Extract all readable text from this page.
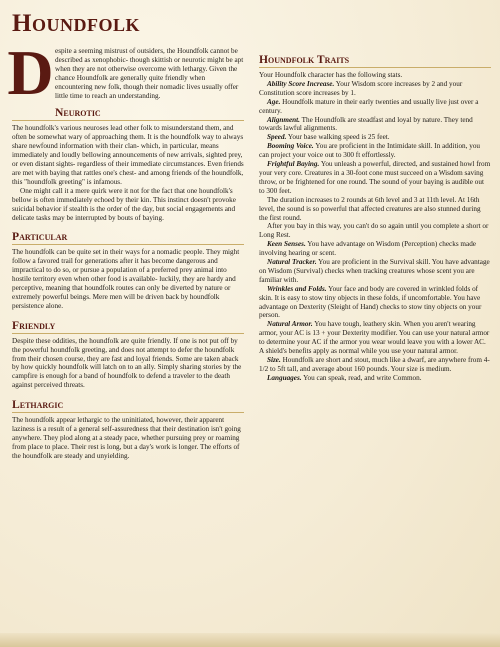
Houndfolk
D espite a seeming mistrust of outsiders, the Houndfolk cannot be described as xenophobic- though skittish or neurotic might be apt when they are not otherwise overcome with lethargy. Given the chance Houndfolk are generally quite friendly when encountering new folk, though their nomadic lives usually offer little time to reach an understanding.

Neurotic

The houndfolk's various neuroses lead other folk to misunderstand them, and often be somewhat wary of approaching them. It is the houndfolk way to always share newfound information with their clan- which, in particular, means immediately and loudly bellowing announcements of new arrivals, sighted prey, or even distant sights- regardless of their immediate circumstances. Even friends are met with baying that rattles one's chest- and among friends of the houndfolk, this "houndfolk greeting" is infamous.

One might call it a mere quirk were it not for the fact that one houndfolk's bellow is often immediately echoed by their kin. This instinct doesn't provoke suicidal behavior if stealth is the order of the day, but social engagements and delicate tasks may be interrupted by bouts of baying.

Particular

The houndfolk can be quite set in their ways for a nomadic people. They might follow a favored trail for generations after it has become dangerous and impractical to do so, or pursue a population of a preferred prey animal into hostile territory even when other food is available- luckily, they are hardy and perceptive, meaning that houndfolk routes can only be diverted by nature or extremely powerful beings. Mere men will be driven back by houndfolk persistence alone.

Friendly

Despite these oddities, the houndfolk are quite friendly. If one is not put off by the powerful houndfolk greeting, and does not attempt to defer the houndfolk from their chosen course, they are fast and loyal friends. Some are taken aback by how quickly houndfolk will latch on to an ally. Simply sharing stories by the campfire is enough for a band of houndfolk to defend a traveler to the death against perceived threats.

Lethargic

The houndfolk appear lethargic to the uninitiated, however, their apparent laziness is a result of a general self-assuredness that their destination isn't going anywhere. They plod along at a steady pace, whether pursuing prey or roaming from place to place. Their rest is long, but a day's work is longer. The efforts of the houndfolk are steady and unyielding.

Houndfolk Traits

Your Houndfolk character has the following stats.

Ability Score Increase. Your Wisdom score increases by 2 and your Constitution score increases by 1.

Age. Houndfolk mature in their early twenties and usually live just over a century.

Alignment. The Houndfolk are steadfast and loyal by nature. They tend towards lawful alignments.

Speed. Your base walking speed is 25 feet.

Booming Voice. You are proficient in the Intimidate skill. In addition, you can project your voice out to 300 ft effortlessly.

Frightful Baying. You unleash a powerful, directed, and sustained howl from your very core. Creatures in a 30-foot cone must succeed on a Wisdom saving throw, or be frightened for one round. The sound of your baying is audible out to 300 feet.

The duration increases to 2 rounds at 6th level and 3 at 11th level. At 16th level, the sound is so powerful that affected creatures are also stunned during the first round.

After you bay in this way, you can't do so again until you complete a short or Long Rest.

Keen Senses. You have advantage on Wisdom (Perception) checks made involving hearing or scent.

Natural Tracker. You are proficient in the Survival skill. You have advantage on Wisdom (Survival) checks when tracking creatures whose scent you are familiar with.

Wrinkles and Folds. Your face and body are covered in wrinkled folds of skin. It is easy to stow tiny objects in these folds, if uncomfortable. You have advantage on Dexterity (Sleight of Hand) checks to stow tiny objects on your person.

Natural Armor. You have tough, leathery skin. When you aren't wearing armor, your AC is 13 + your Dexterity modifier. You can use your natural armor to determine your AC if the armor you wear would leave you with a lower AC. A shield's benefits apply as normal while you use your natural armor.

Size. Houndfolk are short and stout, much like a dwarf, are anywhere from 4-1/2 to 5ft tall, and average about 160 pounds. Your size is medium.

Languages. You can speak, read, and write Common.
